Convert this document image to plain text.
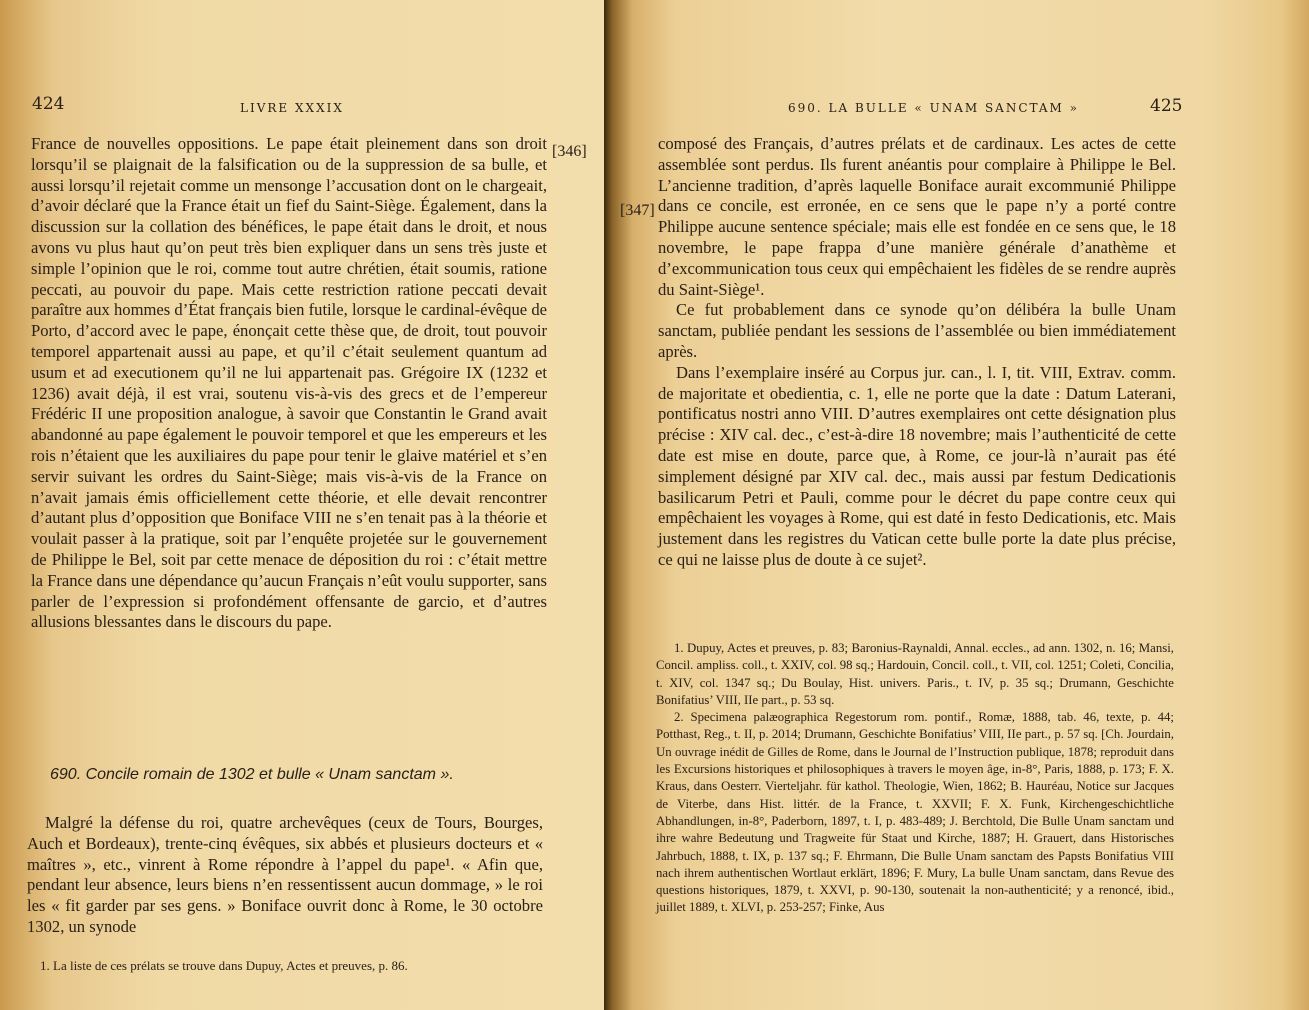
424	LIVRE XXXIX
[346]

France de nouvelles oppositions. Le pape était pleinement dans son droit lorsqu’il se plaignait de la falsification ou de la suppression de sa bulle, et aussi lorsqu’il rejetait comme un mensonge l’accusation dont on le chargeait, d’avoir déclaré que la France était un fief du Saint-Siège. Également, dans la discussion sur la collation des bénéfices, le pape était dans le droit, et nous avons vu plus haut qu’on peut très bien expliquer dans un sens très juste et simple l’opinion que le roi, comme tout autre chrétien, était soumis, ratione peccati, au pouvoir du pape. Mais cette restriction ratione peccati devait paraître aux hommes d’État français bien futile, lorsque le cardinal-évêque de Porto, d’accord avec le pape, énonçait cette thèse que, de droit, tout pouvoir temporel appartenait aussi au pape, et qu’il c’était seulement quantum ad usum et ad executionem qu’il ne lui appartenait pas. Grégoire IX (1232 et 1236) avait déjà, il est vrai, soutenu vis-à-vis des grecs et de l’empereur Frédéric II une proposition analogue, à savoir que Constantin le Grand avait abandonné au pape également le pouvoir temporel et que les empereurs et les rois n’étaient que les auxiliaires du pape pour tenir le glaive matériel et s’en servir suivant les ordres du Saint-Siège; mais vis-à-vis de la France on n’avait jamais émis officiellement cette théorie, et elle devait rencontrer d’autant plus d’opposition que Boniface VIII ne s’en tenait pas à la théorie et voulait passer à la pratique, soit par l’enquête projetée sur le gouvernement de Philippe le Bel, soit par cette menace de déposition du roi : c’était mettre la France dans une dépendance qu’aucun Français n’eût voulu supporter, sans parler de l’expression si profondément offensante de garcio, et d’autres allusions blessantes dans le discours du pape.

690. Concile romain de 1302 et bulle « Unam sanctam ».

Malgré la défense du roi, quatre archevêques (ceux de Tours, Bourges, Auch et Bordeaux), trente-cinq évêques, six abbés et plusieurs docteurs et « maîtres », etc., vinrent à Rome répondre à l’appel du pape¹. « Afin que, pendant leur absence, leurs biens n’en ressentissent aucun dommage, » le roi les « fit garder par ses gens. » Boniface ouvrit donc à Rome, le 30 octobre 1302, un synode

1. La liste de ces prélats se trouve dans Dupuy, Actes et preuves, p. 86.
690. LA BULLE « UNAM SANCTAM »	425
[347]

composé des Français, d’autres prélats et de cardinaux. Les actes de cette assemblée sont perdus. Ils furent anéantis pour complaire à Philippe le Bel. L’ancienne tradition, d’après laquelle Boniface aurait excommunié Philippe dans ce concile, est erronée, en ce sens que le pape n’y a porté contre Philippe aucune sentence spéciale; mais elle est fondée en ce sens que, le 18 novembre, le pape frappa d’une manière générale d’anathème et d’excommunication tous ceux qui empêchaient les fidèles de se rendre auprès du Saint-Siège¹.

Ce fut probablement dans ce synode qu’on délibéra la bulle Unam sanctam, publiée pendant les sessions de l’assemblée ou bien immédiatement après.

Dans l’exemplaire inséré au Corpus jur. can., l. I, tit. VIII, Extrav. comm. de majoritate et obedientia, c. 1, elle ne porte que la date : Datum Laterani, pontificatus nostri anno VIII. D’autres exemplaires ont cette désignation plus précise : XIV cal. dec., c’est-à-dire 18 novembre; mais l’authenticité de cette date est mise en doute, parce que, à Rome, ce jour-là n’aurait pas été simplement désigné par XIV cal. dec., mais aussi par festum Dedicationis basilicarum Petri et Pauli, comme pour le décret du pape contre ceux qui empêchaient les voyages à Rome, qui est daté in festo Dedicationis, etc. Mais justement dans les registres du Vatican cette bulle porte la date plus précise, ce qui ne laisse plus de doute à ce sujet².

1. Dupuy, Actes et preuves, p. 83; Baronius-Raynaldi, Annal. eccles., ad ann. 1302, n. 16; Mansi, Concil. ampliss. coll., t. XXIV, col. 98 sq.; Hardouin, Concil. coll., t. VII, col. 1251; Coleti, Concilia, t. XIV, col. 1347 sq.; Du Boulay, Hist. univers. Paris., t. IV, p. 35 sq.; Drumann, Geschichte Bonifatius’ VIII, IIe part., p. 53 sq.

2. Specimena palæographica Regestorum rom. pontif., Romæ, 1888, tab. 46, texte, p. 44; Potthast, Reg., t. II, p. 2014; Drumann, Geschichte Bonifatius’ VIII, IIe part., p. 57 sq. [Ch. Jourdain, Un ouvrage inédit de Gilles de Rome, dans le Journal de l’Instruction publique, 1878; reproduit dans les Excursions historiques et philosophiques à travers le moyen âge, in-8°, Paris, 1888, p. 173; F. X. Kraus, dans Oesterr. Vierteljahr. für kathol. Theologie, Wien, 1862; B. Hauréau, Notice sur Jacques de Viterbe, dans Hist. littér. de la France, t. XXVII; F. X. Funk, Kirchengeschichtliche Abhandlungen, in-8°, Paderborn, 1897, t. I, p. 483-489; J. Berchtold, Die Bulle Unam sanctam und ihre wahre Bedeutung und Tragweite für Staat und Kirche, 1887; H. Grauert, dans Historisches Jahrbuch, 1888, t. IX, p. 137 sq.; F. Ehrmann, Die Bulle Unam sanctam des Papsts Bonifatius VIII nach ihrem authentischen Wortlaut erklärt, 1896; F. Mury, La bulle Unam sanctam, dans Revue des questions historiques, 1879, t. XXVI, p. 90-130, soutenait la non-authenticité; y a renoncé, ibid., juillet 1889, t. XLVI, p. 253-257; Finke, Aus
